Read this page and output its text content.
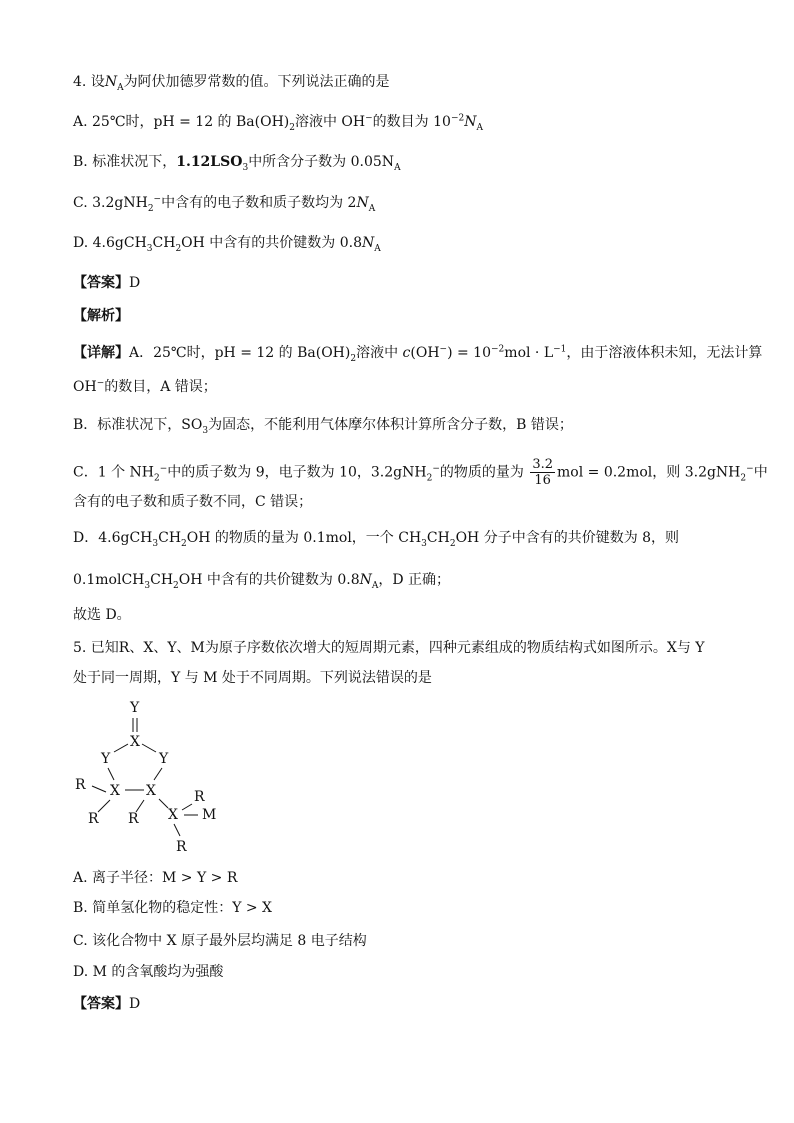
4. 设$N_A$为阿伏加德罗常数的值。下列说法正确的是
A. 25℃时，pH = 12 的 $Ba(OH)_2$溶液中 OH−的数目为 $10^{-2}N_A$
B. 标准状况下，$1.12LSO_3$中所含分子数为 $0.05N_A$
C. 3.2gNH$_2$−中含有的电子数和质子数均为 $2N_A$
D. $4.6gCH_3CH_2OH$ 中含有的共价键数为 $0.8N_A$
【答案】D
【解析】
【详解】A．25℃时，pH = 12 的 $Ba(OH)_2$溶液中 $c(OH^-) = 10^{-2}mol \cdot L^{-1}$，由于溶液体积未知，无法计算
OH−的数目，A 错误；
B．标准状况下，$SO_3$为固态，不能利用气体摩尔体积计算所含分子数，B 错误；
C．1 个 $NH_2^-$中的质子数为 9，电子数为 10，3.2gNH$_2$−的物质的量为 $\frac{3.2}{16}$ mol = 0.2mol，则 3.2gNH$_2$−中
含有的电子数和质子数不同，C 错误；
D．$4.6gCH_3CH_2OH$ 的物质的量为 0.1mol，一个 $CH_3CH_2OH$ 分子中含有的共价键数为 8，则
$0.1molCH_3CH_2OH$ 中含有的共价键数为 $0.8N_A$，D 正确；
故选 D。
5. 已知R、X、Y、M为原子序数依次增大的短周期元素，四种元素组成的物质结构式如图所示。X与 Y
处于同一周期，Y 与 M 处于不同周期。下列说法错误的是
Y
X
Y	Y
R X X
R R X
R
M
R
A. 离子半径：M > Y > R
B. 简单氢化物的稳定性：Y > X
C. 该化合物中 X 原子最外层均满足 8 电子结构
D. M 的含氧酸均为强酸
【答案】D
